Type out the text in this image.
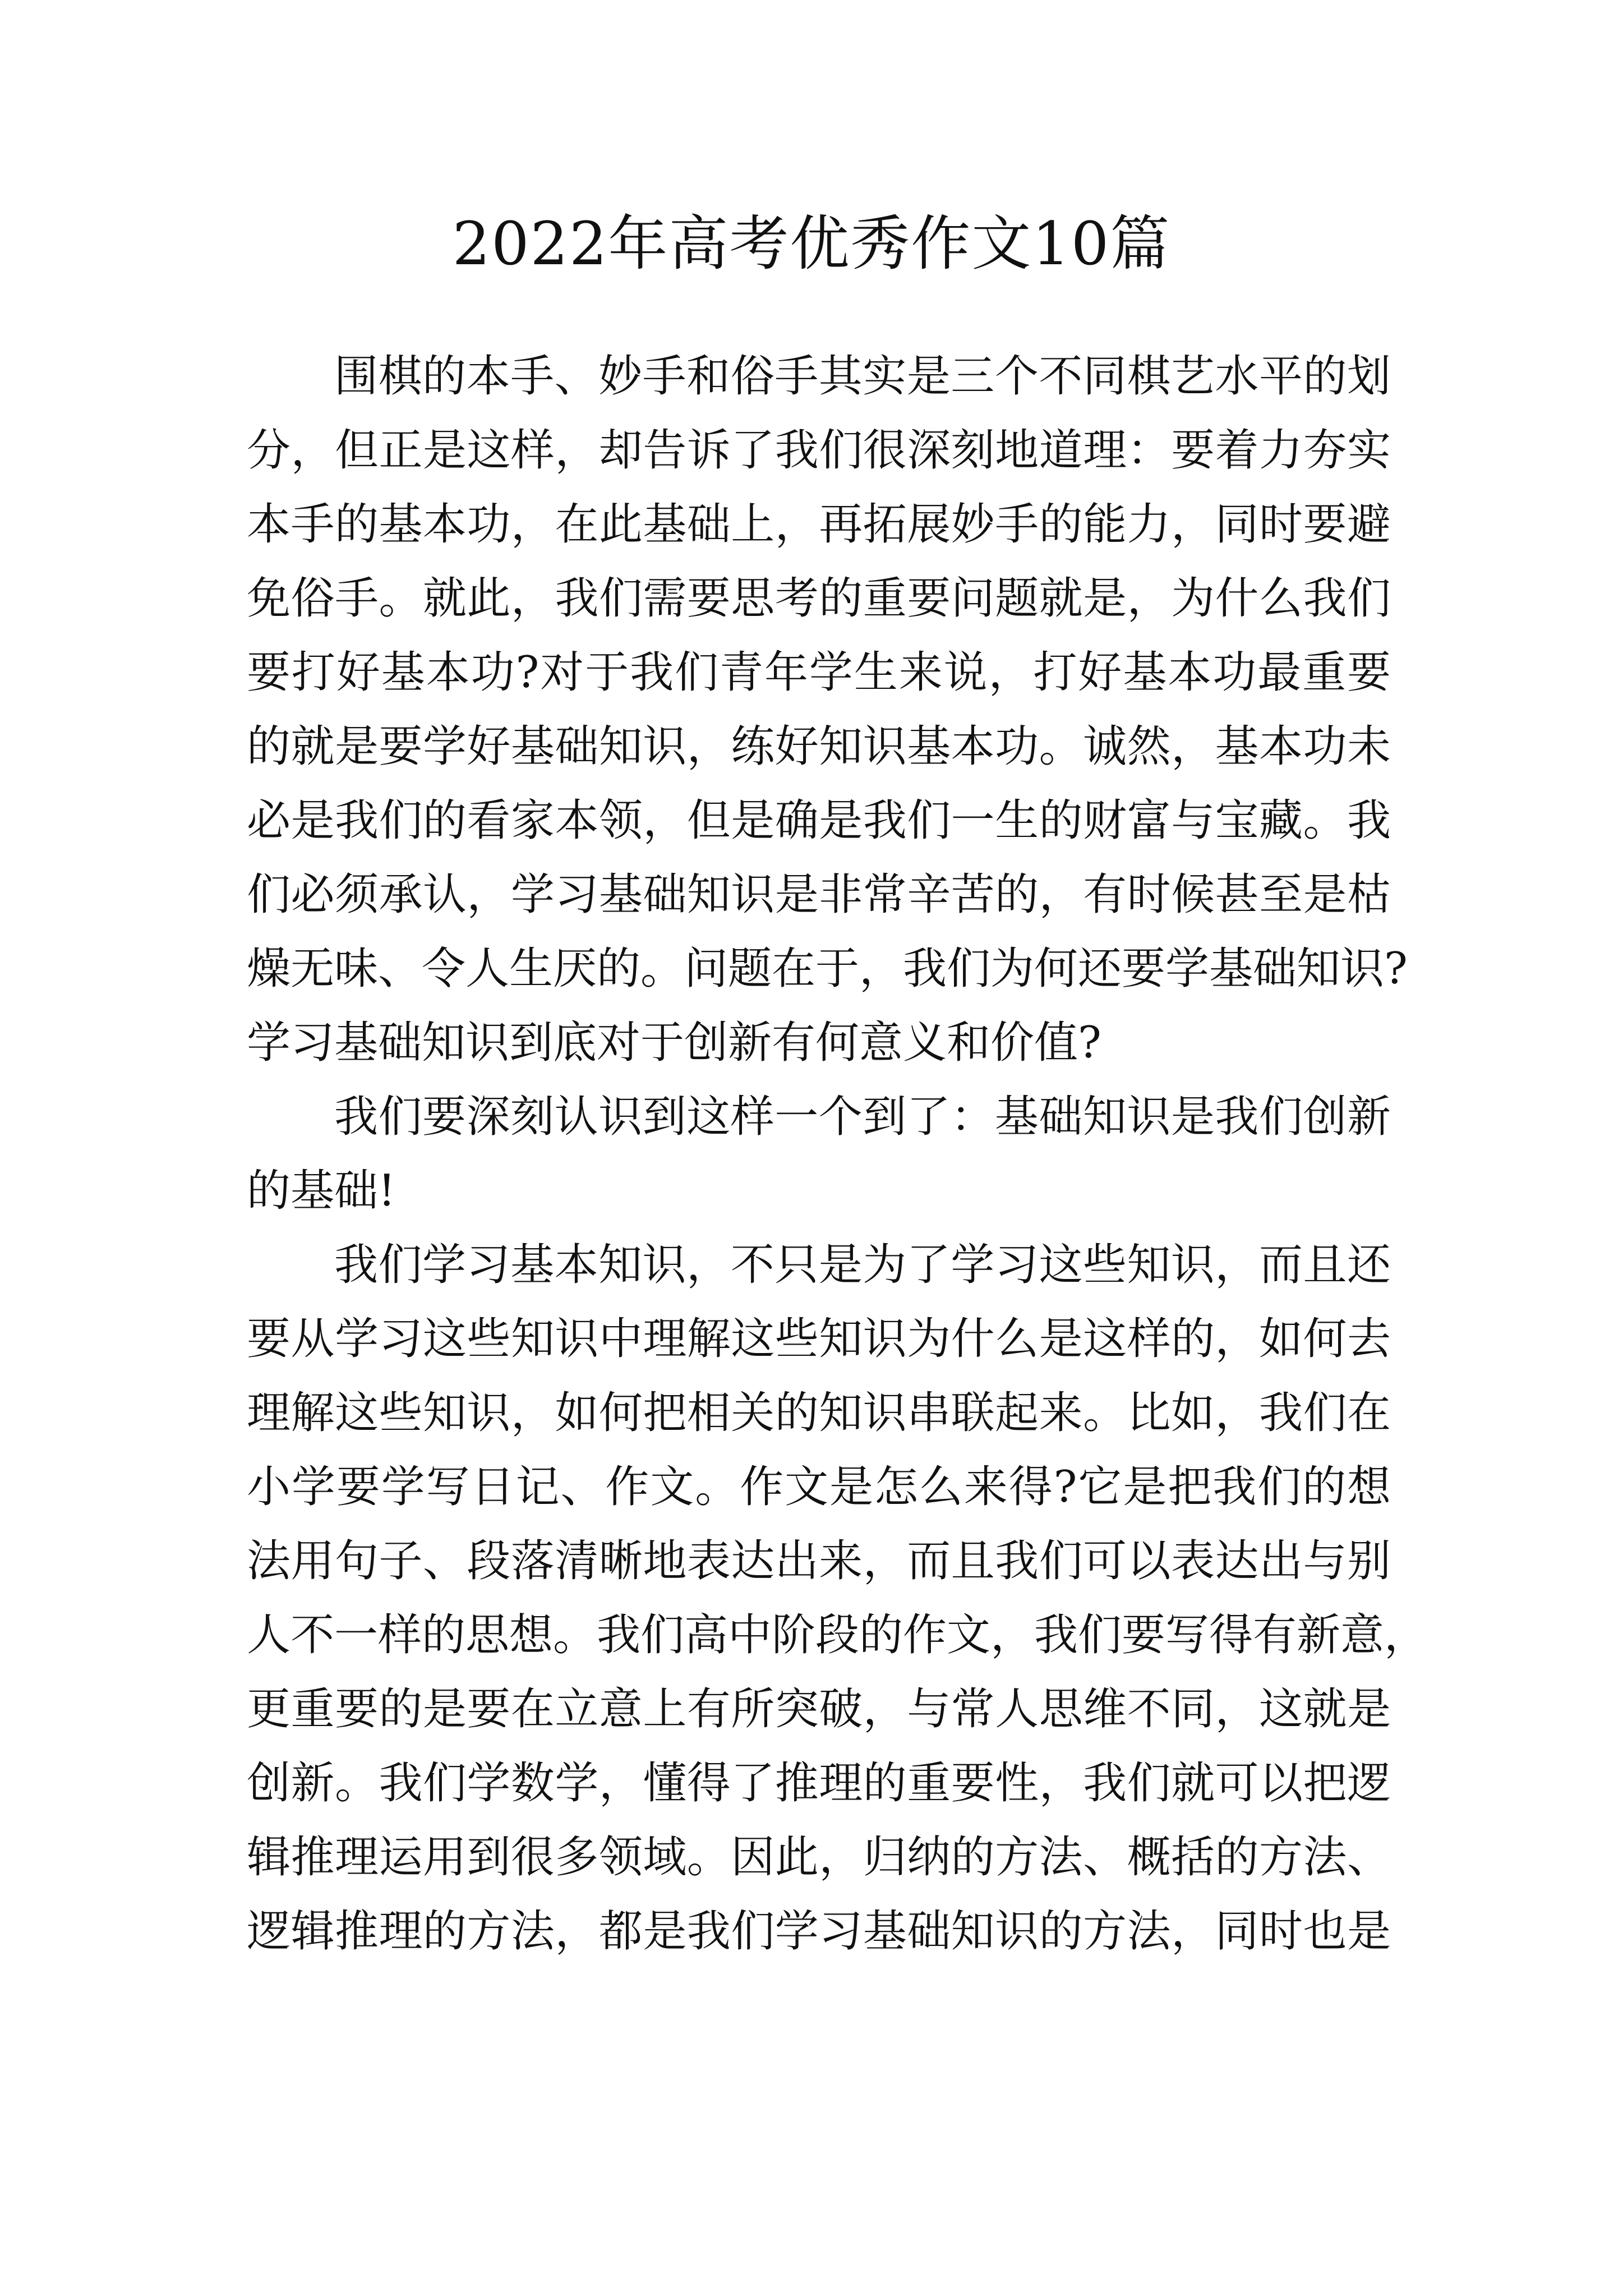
2022年高考优秀作文10篇
围棋的本手、妙手和俗手其实是三个不同棋艺水平的划
分，但正是这样，却告诉了我们很深刻地道理：要着力夯实
本手的基本功，在此基础上，再拓展妙手的能力，同时要避
免俗手。就此，我们需要思考的重要问题就是，为什么我们
要打好基本功?对于我们青年学生来说，打好基本功最重要
的就是要学好基础知识，练好知识基本功。诚然，基本功未
必是我们的看家本领，但是确是我们一生的财富与宝藏。我
们必须承认，学习基础知识是非常辛苦的，有时候甚至是枯
燥无味、令人生厌的。问题在于，我们为何还要学基础知识?
学习基础知识到底对于创新有何意义和价值?
我们要深刻认识到这样一个到了：基础知识是我们创新
的基础!
我们学习基本知识，不只是为了学习这些知识，而且还
要从学习这些知识中理解这些知识为什么是这样的，如何去
理解这些知识，如何把相关的知识串联起来。比如，我们在
小学要学写日记、作文。作文是怎么来得?它是把我们的想
法用句子、段落清晰地表达出来，而且我们可以表达出与别
人不一样的思想。我们高中阶段的作文，我们要写得有新意，
更重要的是要在立意上有所突破，与常人思维不同，这就是
创新。我们学数学，懂得了推理的重要性，我们就可以把逻
辑推理运用到很多领域。因此，归纳的方法、概括的方法、
逻辑推理的方法，都是我们学习基础知识的方法，同时也是
